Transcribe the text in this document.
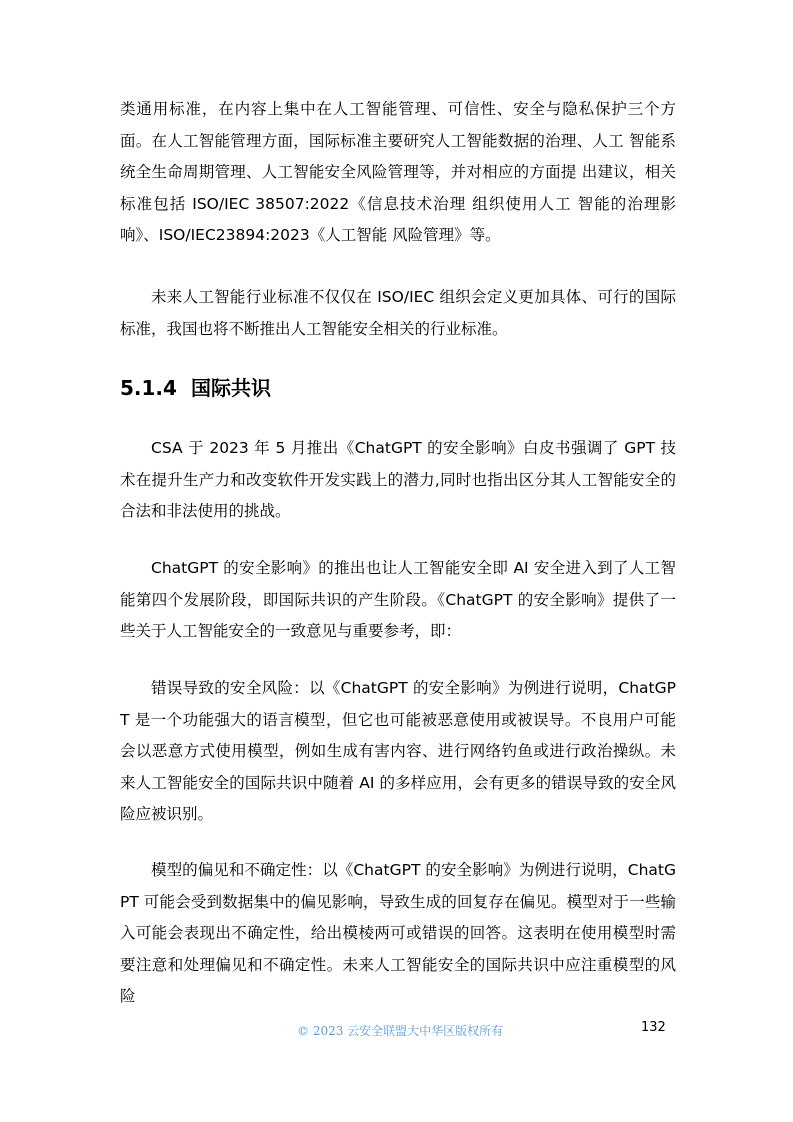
类通用标准，在内容上集中在人工智能管理、可信性、安全与隐私保护三个方面。在人工智能管理方面，国际标准主要研究人工智能数据的治理、人工 智能系统全生命周期管理、人工智能安全风险管理等，并对相应的方面提 出建议，相关标准包括 ISO/IEC 38507:2022《信息技术治理 组织使用人工 智能的治理影响》、ISO/IEC23894:2023《人工智能 风险管理》等。

未来人工智能行业标准不仅仅在 ISO/IEC 组织会定义更加具体、可行的国际标准，我国也将不断推出人工智能安全相关的行业标准。

5.1.4 国际共识

CSA 于 2023 年 5 月推出《ChatGPT 的安全影响》白皮书强调了 GPT 技术在提升生产力和改变软件开发实践上的潜力,同时也指出区分其人工智能安全的合法和非法使用的挑战。

ChatGPT 的安全影响》的推出也让人工智能安全即 AI 安全进入到了人工智能第四个发展阶段，即国际共识的产生阶段。《ChatGPT 的安全影响》提供了一些关于人工智能安全的一致意见与重要参考，即：

错误导致的安全风险：以《ChatGPT 的安全影响》为例进行说明，ChatGPT 是一个功能强大的语言模型，但它也可能被恶意使用或被误导。不良用户可能会以恶意方式使用模型，例如生成有害内容、进行网络钓鱼或进行政治操纵。未来人工智能安全的国际共识中随着 AI 的多样应用，会有更多的错误导致的安全风险应被识别。

模型的偏见和不确定性：以《ChatGPT 的安全影响》为例进行说明，ChatGPT 可能会受到数据集中的偏见影响，导致生成的回复存在偏见。模型对于一些输入可能会表现出不确定性，给出模棱两可或错误的回答。这表明在使用模型时需要注意和处理偏见和不确定性。未来人工智能安全的国际共识中应注重模型的风险

© 2023 云安全联盟大中华区版权所有	132
